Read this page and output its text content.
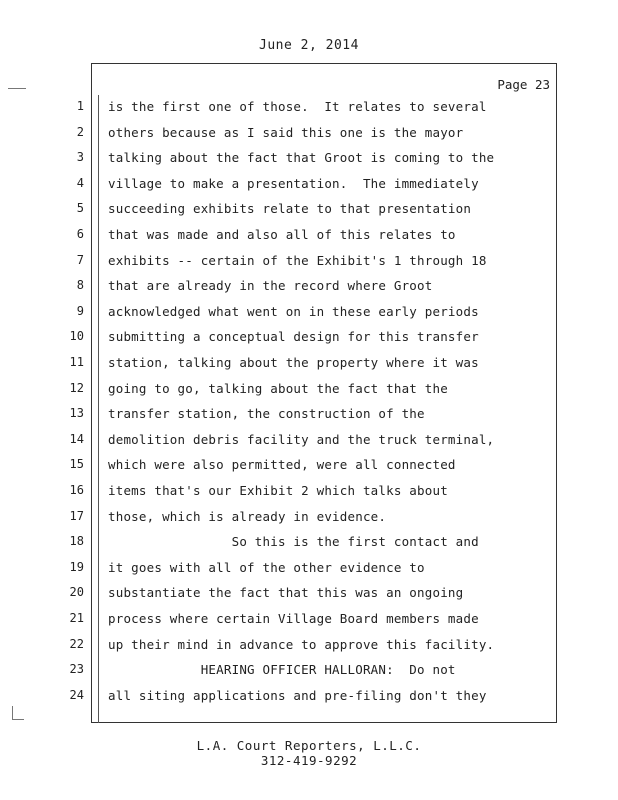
June 2, 2014
Page 23
1 is the first one of those.  It relates to several
2 others because as I said this one is the mayor
3 talking about the fact that Groot is coming to the
4 village to make a presentation.  The immediately
5 succeeding exhibits relate to that presentation
6 that was made and also all of this relates to
7 exhibits -- certain of the Exhibit's 1 through 18
8 that are already in the record where Groot
9 acknowledged what went on in these early periods
10 submitting a conceptual design for this transfer
11 station, talking about the property where it was
12 going to go, talking about the fact that the
13 transfer station, the construction of the
14 demolition debris facility and the truck terminal,
15 which were also permitted, were all connected
16 items that's our Exhibit 2 which talks about
17 those, which is already in evidence.
18 So this is the first contact and
19 it goes with all of the other evidence to
20 substantiate the fact that this was an ongoing
21 process where certain Village Board members made
22 up their mind in advance to approve this facility.
23 HEARING OFFICER HALLORAN:  Do not
24 all siting applications and pre-filing don't they
L.A. Court Reporters, L.L.C.
312-419-9292
